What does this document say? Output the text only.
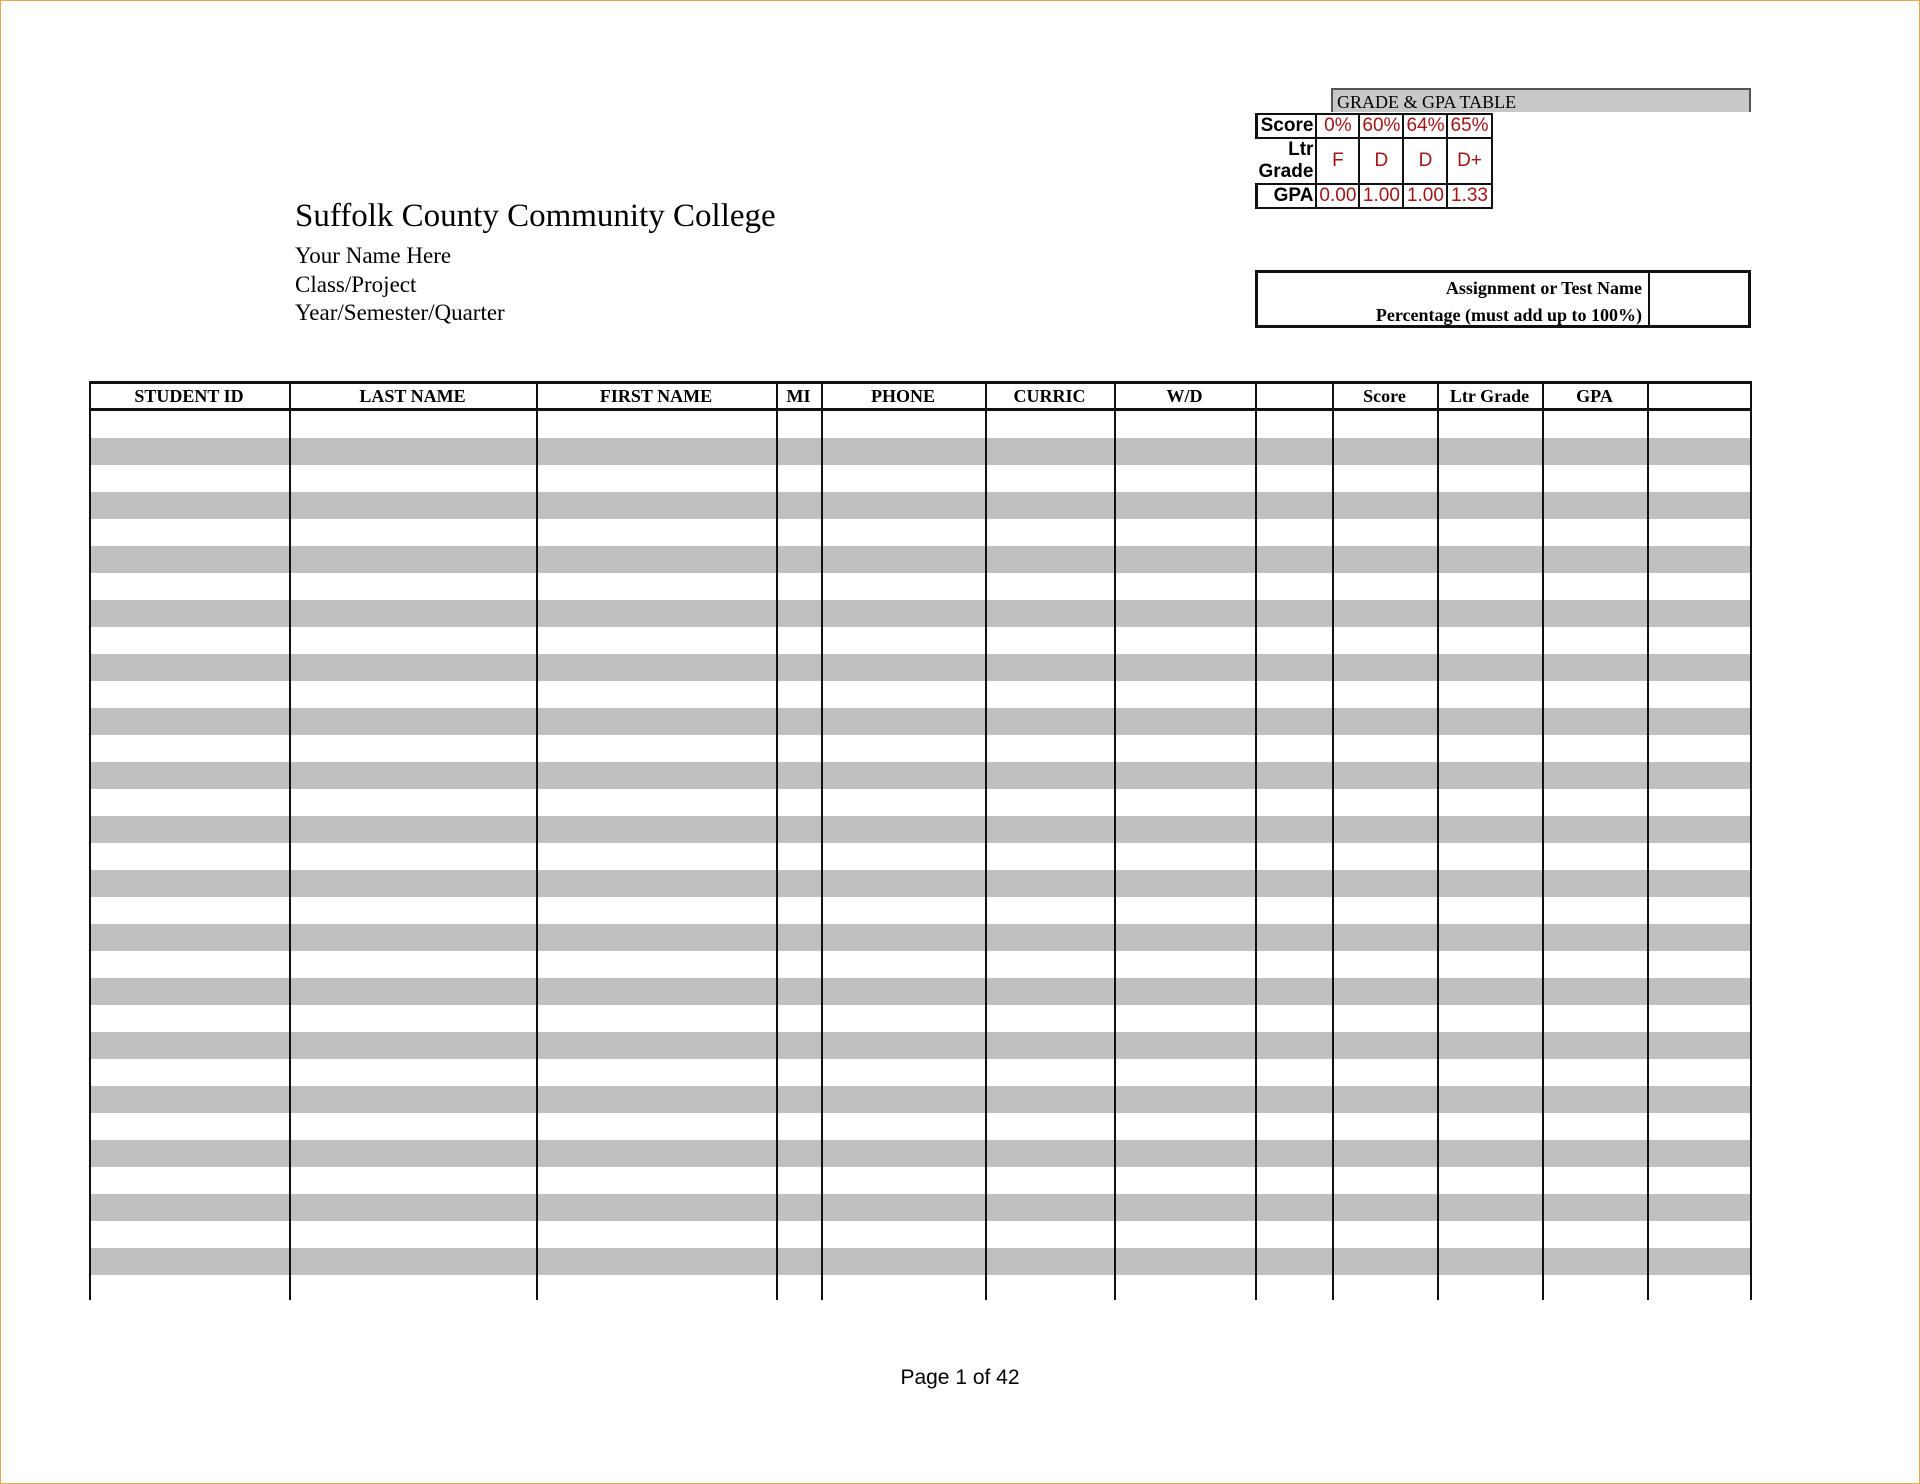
GRADE & GPA TABLE
Score	0%	60%	64%	65%
Ltr Grade	F	D	D	D+
GPA	0.00	1.00	1.00	1.33
Suffolk County Community College
Your Name Here
Class/Project
Year/Semester/Quarter
Assignment or Test Name
Percentage (must add up to 100%)
STUDENT ID	LAST NAME	FIRST NAME	MI	PHONE	CURRIC	W/D	Score	Ltr Grade	GPA
Page 1 of 42
